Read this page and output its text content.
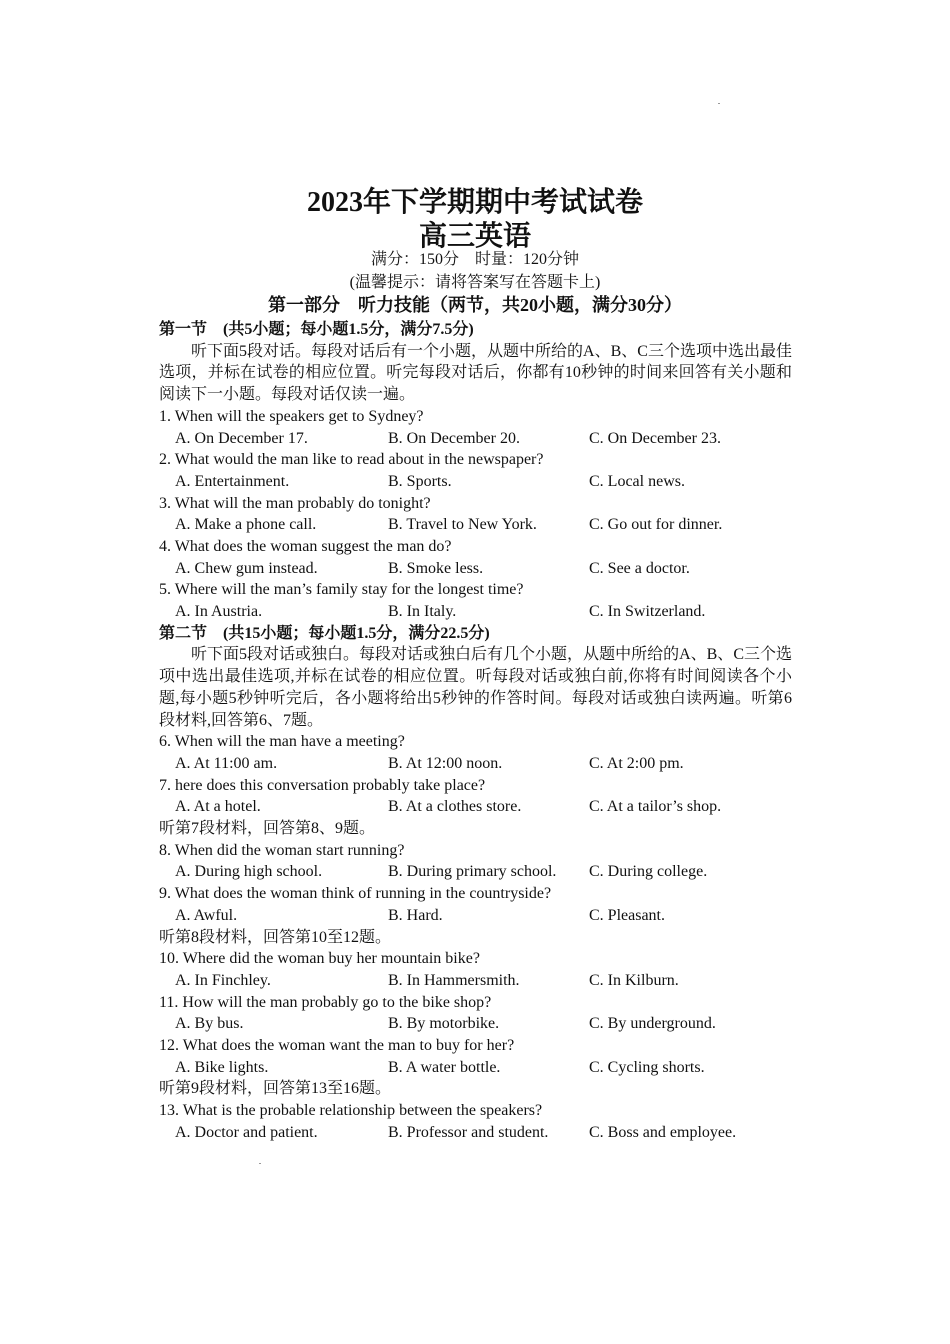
2023年下学期期中考试试卷
高三英语
满分：150分　时量：120分钟
(温馨提示：请将答案写在答题卡上)
第一部分　听力技能（两节，共20小题，满分30分）
第一节　(共5小题；每小题1.5分，满分7.5分)
听下面5段对话。每段对话后有一个小题，从题中所给的A、B、C三个选项中选出最佳选项，并标在试卷的相应位置。听完每段对话后，你都有10秒钟的时间来回答有关小题和阅读下一小题。每段对话仅读一遍。
1. When will the speakers get to Sydney?
A. On December 17.	B. On December 20.	C. On December 23.
2. What would the man like to read about in the newspaper?
A. Entertainment.	B. Sports.	C. Local news.
3. What will the man probably do tonight?
A. Make a phone call.	B. Travel to New York.	C. Go out for dinner.
4. What does the woman suggest the man do?
A. Chew gum instead.	B. Smoke less.	C. See a doctor.
5. Where will the man’s family stay for the longest time?
A. In Austria.	B. In Italy.	C. In Switzerland.
第二节　(共15小题；每小题1.5分，满分22.5分)
听下面5段对话或独白。每段对话或独白后有几个小题，从题中所给的A、B、C三个选项中选出最佳选项,并标在试卷的相应位置。听每段对话或独白前,你将有时间阅读各个小题,每小题5秒钟听完后，各小题将给出5秒钟的作答时间。每段对话或独白读两遍。听第6段材料,回答第6、7题。
6. When will the man have a meeting?
A. At 11:00 am.	B. At 12:00 noon.	C. At 2:00 pm.
7. here does this conversation probably take place?
A. At a hotel.	B. At a clothes store.	C. At a tailor’s shop.
听第7段材料，回答第8、9题。
8. When did the woman start running?
A. During high school.	B. During primary school. C. During college.
9. What does the woman think of running in the countryside?
A. Awful.	B. Hard.	C. Pleasant.
听第8段材料，回答第10至12题。
10. Where did the woman buy her mountain bike?
A. In Finchley.	B. In Hammersmith.	C. In Kilburn.
11. How will the man probably go to the bike shop?
A. By bus.	B. By motorbike.	C. By underground.
12. What does the woman want the man to buy for her?
A. Bike lights.	B. A water bottle.	C. Cycling shorts.
听第9段材料，回答第13至16题。
13. What is the probable relationship between the speakers?
A. Doctor and patient.	B. Professor and student.	C. Boss and employee.
